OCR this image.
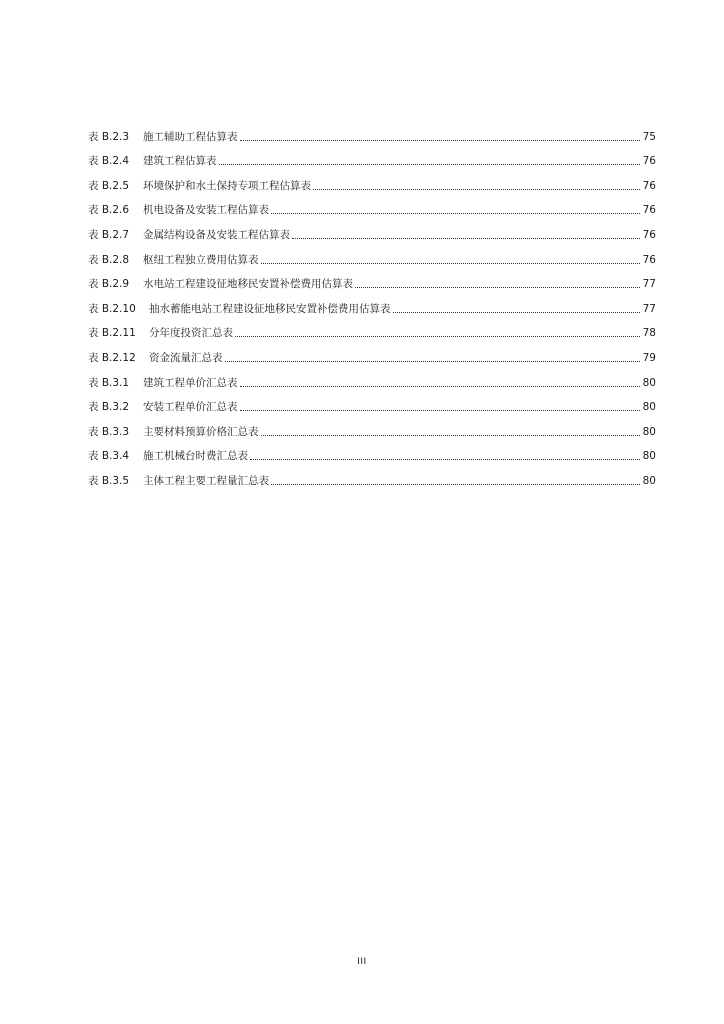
表 B.2.3	施工辅助工程估算表	75
表 B.2.4	建筑工程估算表	76
表 B.2.5	环境保护和水土保持专项工程估算表	76
表 B.2.6	机电设备及安装工程估算表	76
表 B.2.7	金属结构设备及安装工程估算表	76
表 B.2.8	枢纽工程独立费用估算表	76
表 B.2.9	水电站工程建设征地移民安置补偿费用估算表	77
表 B.2.10	抽水蓄能电站工程建设征地移民安置补偿费用估算表	77
表 B.2.11	分年度投资汇总表	78
表 B.2.12	资金流量汇总表	79
表 B.3.1	建筑工程单价汇总表	80
表 B.3.2	安装工程单价汇总表	80
表 B.3.3	主要材料预算价格汇总表	80
表 B.3.4	施工机械台时费汇总表	80
表 B.3.5	主体工程主要工程量汇总表	80
III
